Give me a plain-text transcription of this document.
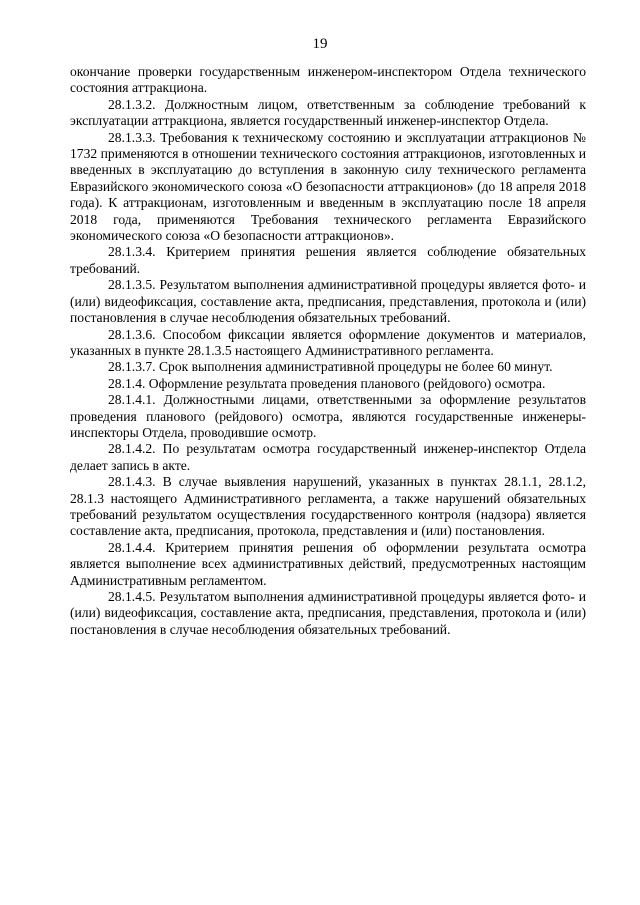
19

окончание проверки государственным инженером-инспектором Отдела технического состояния аттракциона.

28.1.3.2. Должностным лицом, ответственным за соблюдение требований к эксплуатации аттракциона, является государственный инженер-инспектор Отдела.

28.1.3.3. Требования к техническому состоянию и эксплуатации аттракционов № 1732 применяются в отношении технического состояния аттракционов, изготовленных и введенных в эксплуатацию до вступления в законную силу технического регламента Евразийского экономического союза «О безопасности аттракционов» (до 18 апреля 2018 года). К аттракционам, изготовленным и введенным в эксплуатацию после 18 апреля 2018 года, применяются Требования технического регламента Евразийского экономического союза «О безопасности аттракционов».

28.1.3.4. Критерием принятия решения является соблюдение обязательных требований.

28.1.3.5. Результатом выполнения административной процедуры является фото- и (или) видеофиксация, составление акта, предписания, представления, протокола и (или) постановления в случае несоблюдения обязательных требований.

28.1.3.6. Способом фиксации является оформление документов и материалов, указанных в пункте 28.1.3.5 настоящего Административного регламента.

28.1.3.7. Срок выполнения административной процедуры не более 60 минут.

28.1.4. Оформление результата проведения планового (рейдового) осмотра.

28.1.4.1. Должностными лицами, ответственными за оформление результатов проведения планового (рейдового) осмотра, являются государственные инженеры-инспекторы Отдела, проводившие осмотр.

28.1.4.2. По результатам осмотра государственный инженер-инспектор Отдела делает запись в акте.

28.1.4.3. В случае выявления нарушений, указанных в пунктах 28.1.1, 28.1.2, 28.1.3 настоящего Административного регламента, а также нарушений обязательных требований результатом осуществления государственного контроля (надзора) является составление акта, предписания, протокола, представления и (или) постановления.

28.1.4.4. Критерием принятия решения об оформлении результата осмотра является выполнение всех административных действий, предусмотренных настоящим Административным регламентом.

28.1.4.5. Результатом выполнения административной процедуры является фото- и (или) видеофиксация, составление акта, предписания, представления, протокола и (или) постановления в случае несоблюдения обязательных требований.
